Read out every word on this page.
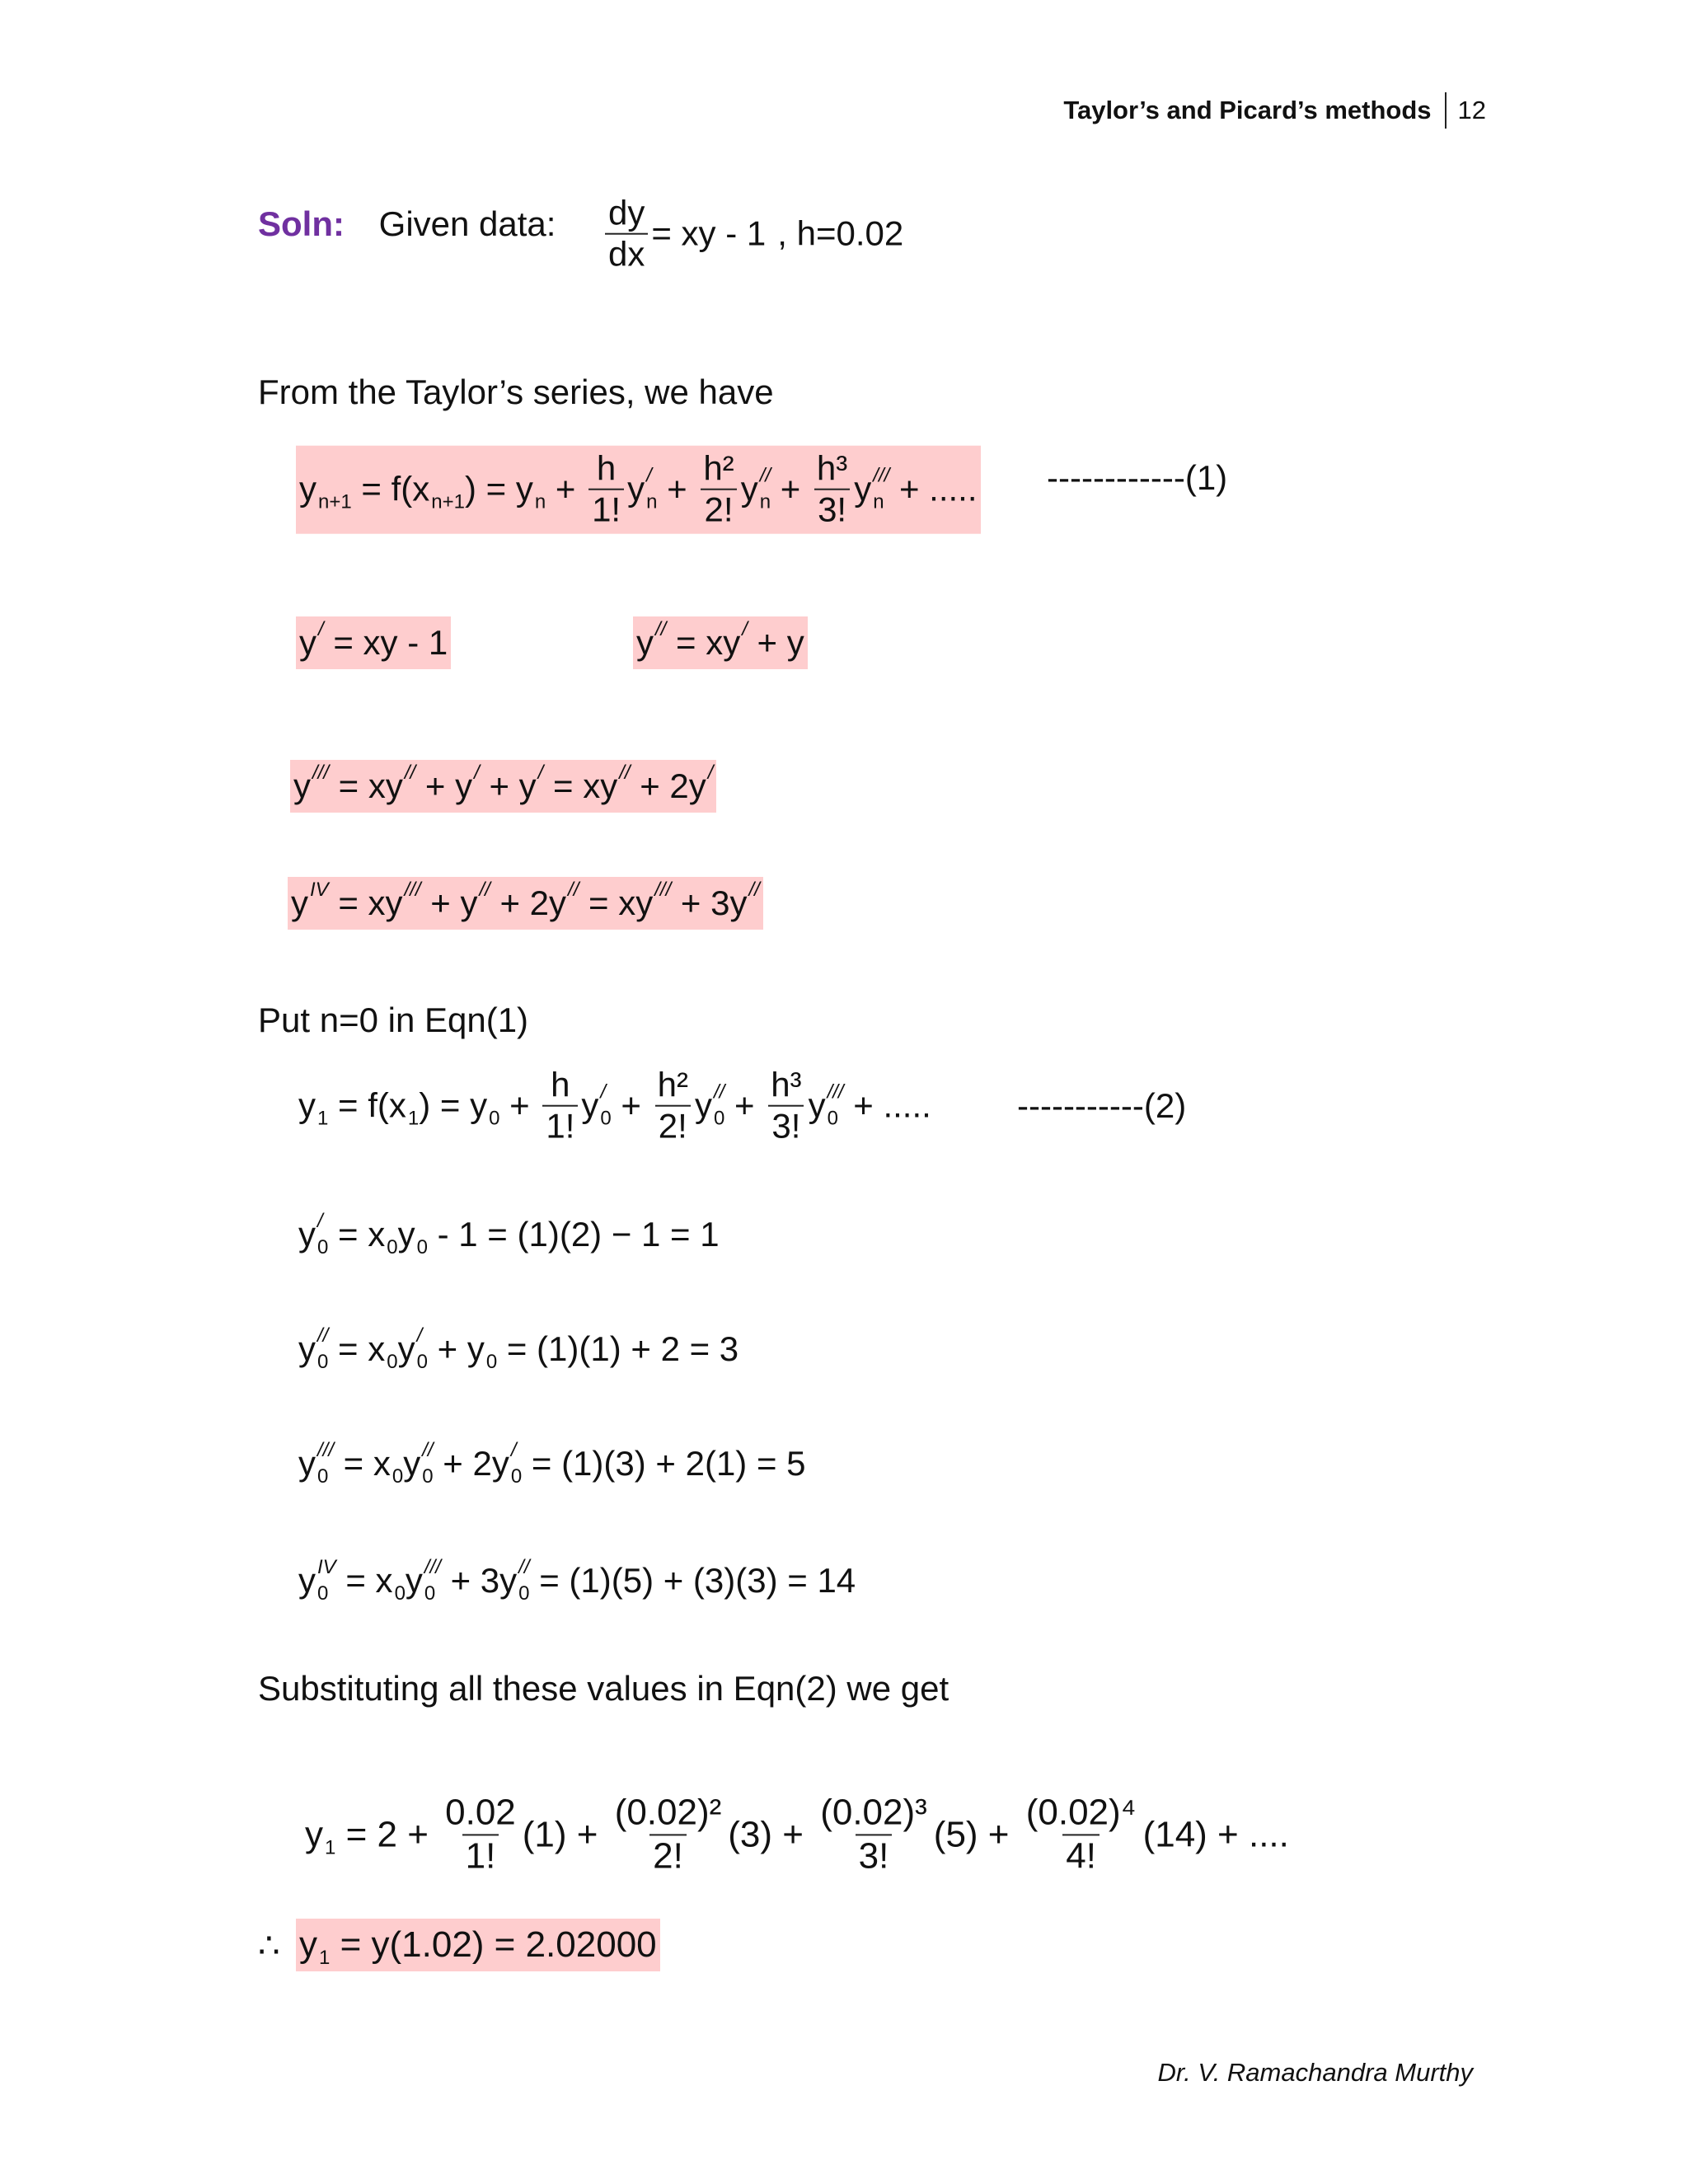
Taylor’s and Picard’s methods 12
Soln: Given data: $\frac{dy}{dx}$ = xy - 1 , h=0.02
From the Taylor’s series, we have
y n+1 = f(x n+1 ) = y $n + \frac{h}{1!}$ y /
$n + \frac{\text{h²}}{2!}$ y //
$n + \frac{\text{h³}}{3!}$ y ///
n + ..... ------------(1)
y / = xy - 1	y // = xy / + y
y /// = xy // + y / + y / = xy // + 2y /
y IV = xy /// + y // + 2y // = xy /// + 3y //
Put n=0 in Eqn(1)
y 1 = f(x 1 ) = y $0 + \frac{h}{1!}$ y /
$0 + \frac{\text{h²}}{2!}$ y //
$0 + \frac{\text{h³}}{3!}$ y ///
0 + ..... -----------(2)
y /
0 = x 0 y 0 - 1 = (1)(2) − 1 = 1
y //
0 = x 0 y /
0 + y 0 = (1)(1) + 2 = 3
y ///
0 = x 0 y //
0 + 2y /
0 = (1)(3) + 2(1) = 5
y IV
0 = x 0 y ///
0 + 3y //
0 = (1)(5) + (3)(3) = 14
Substituting all these values in Eqn(2) we get
y $1 = 2 + \frac{0.02}{1!} (1) + \frac{\text{(0.02)²}}{2!} (3) + \frac{\text{(0.02)³}}{3!} (5) + \frac{\text{(0.02)⁴}}{4!} (14)$ + ....
∴ y 1 = y(1.02) = 2.02000
Dr. V. Ramachandra Murthy
